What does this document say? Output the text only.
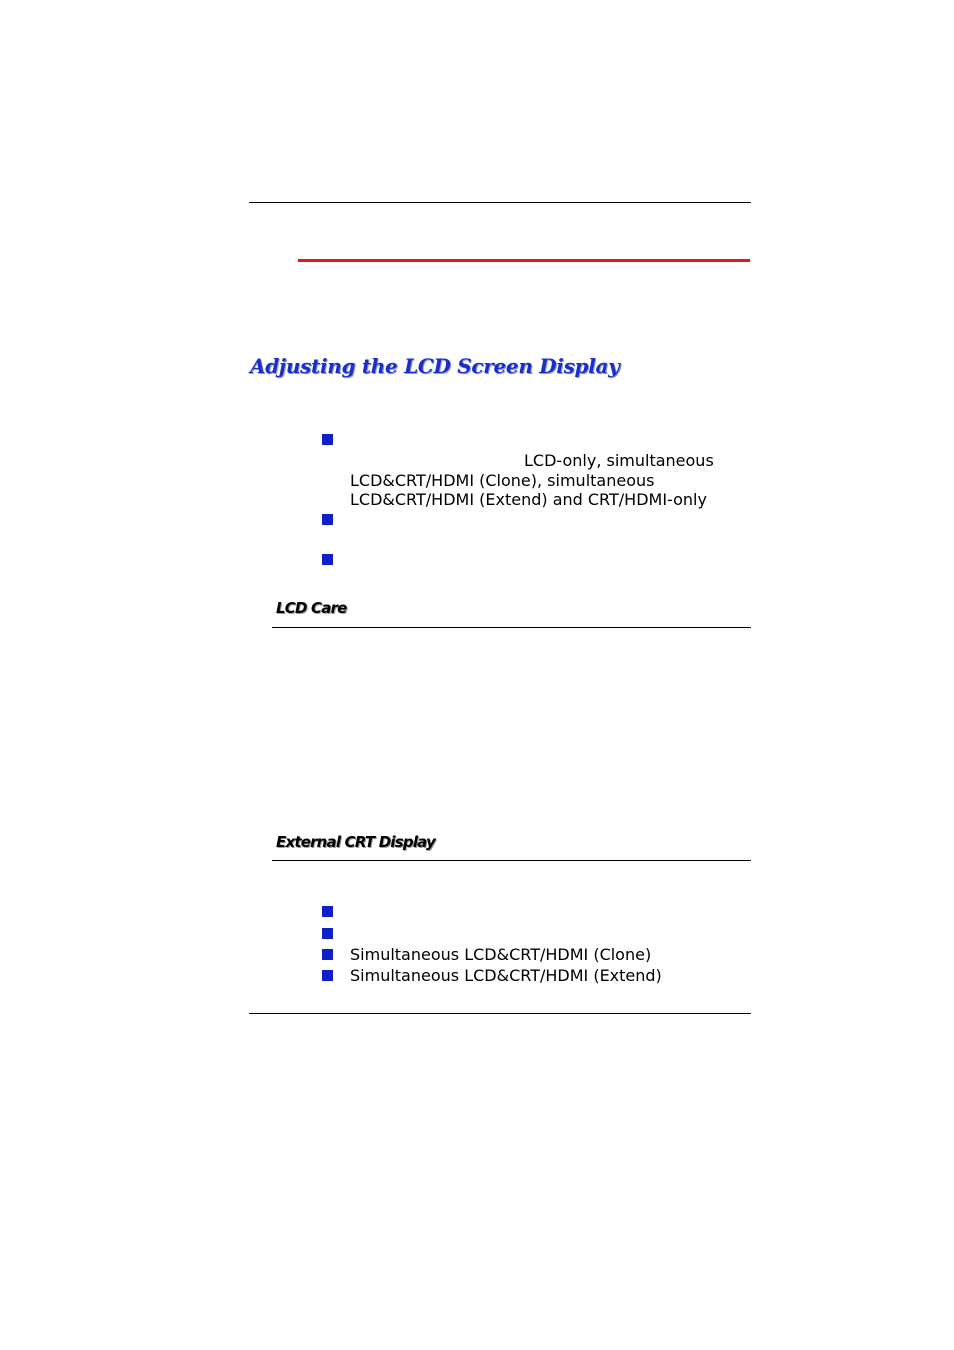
Adjusting the LCD Screen Display

LCD-only, simultaneous

LCD&CRT/HDMI (Clone), simultaneous

LCD&CRT/HDMI (Extend) and CRT/HDMI-only

LCD Care
External CRT Display

Simultaneous LCD&CRT/HDMI (Clone)

Simultaneous LCD&CRT/HDMI (Extend)
